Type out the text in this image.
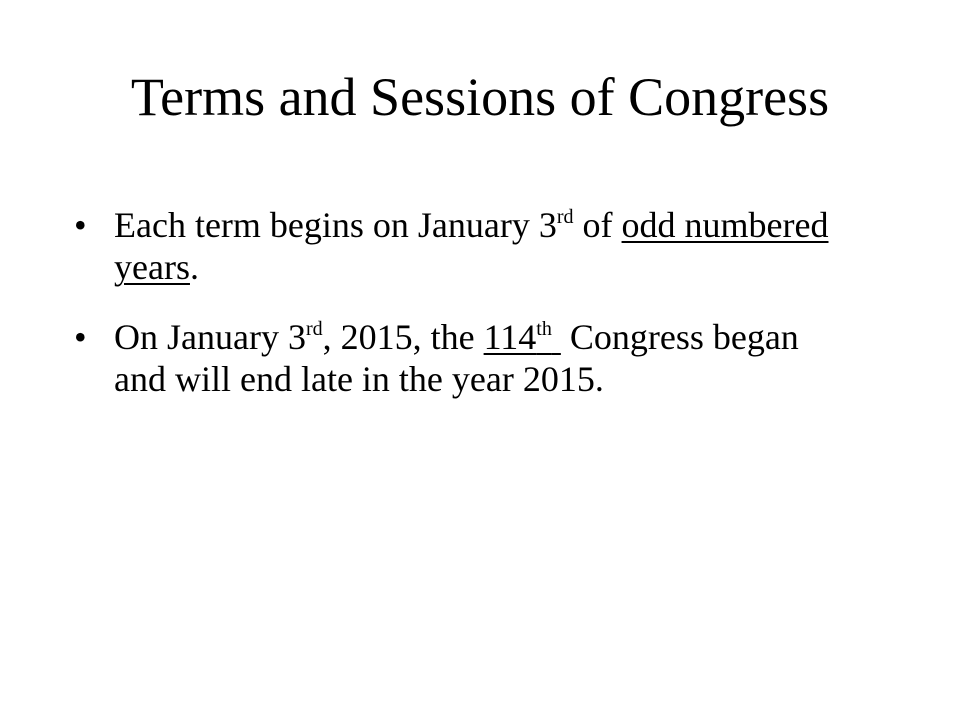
Terms and Sessions of Congress
• Each term begins on January 3rd of odd numbered years.
• On January 3rd, 2015, the 114th  Congress began and will end late in the year 2015.
